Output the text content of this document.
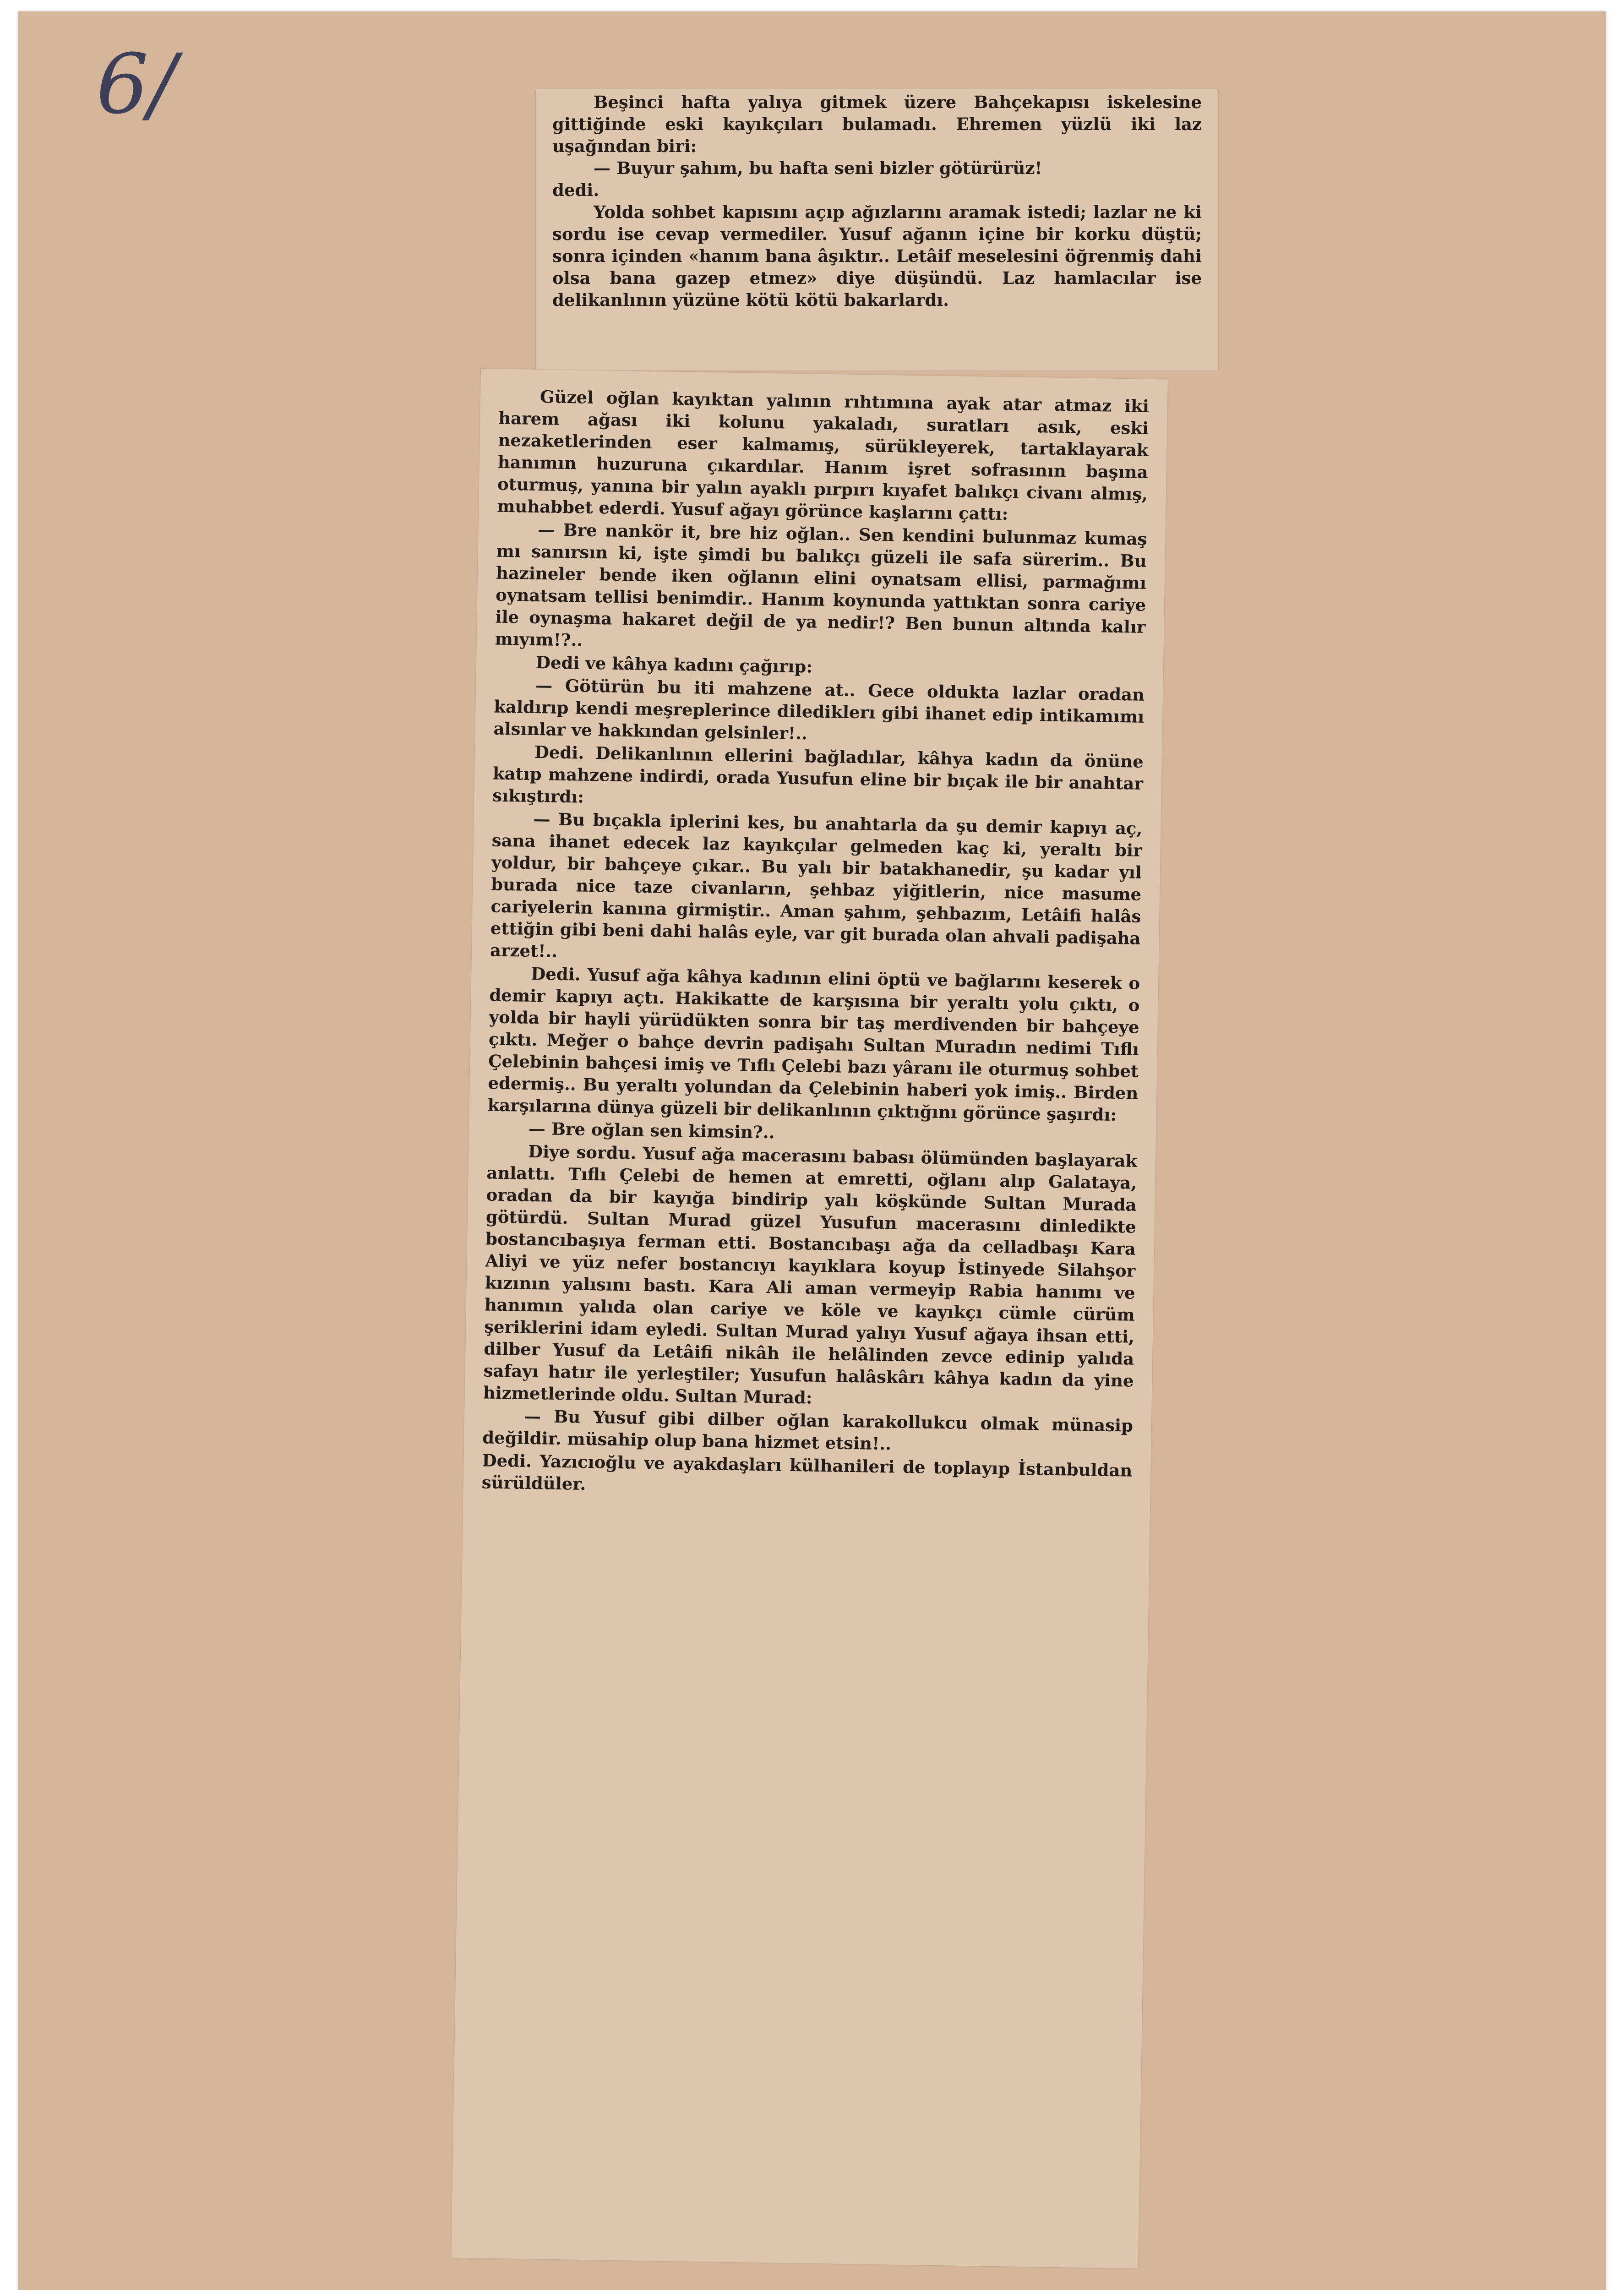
6/	Beşinci hafta yalıya gitmek üzere Bahçekapısı iskelesine gittiğinde eski kayıkçıları bulamadı. Ehremen yüzlü iki laz uşağından biri:

— Buyur şahım, bu hafta seni bizler götürürüz!

dedi.

Yolda sohbet kapısını açıp ağızlarını aramak istedi; lazlar ne ki sordu ise cevap vermediler. Yusuf ağanın içine bir korku düştü; sonra içinden «hanım bana âşıktır.. Letâif meselesini öğrenmiş dahi olsa bana gazep etmez» diye düşündü. Laz hamlacılar ise delikanlının yüzüne kötü kötü bakarlardı.

Güzel oğlan kayıktan yalının rıhtımına ayak atar atmaz iki harem ağası iki kolunu yakaladı, suratları asık, eski nezaketlerinden eser kalmamış, sürükleyerek, tartaklayarak hanımın huzuruna çıkardılar. Hanım işret sofrasının başına oturmuş, yanına bir yalın ayaklı pırpırı kıyafet balıkçı civanı almış, muhabbet ederdi. Yusuf ağayı görünce kaşlarını çattı:

— Bre nankör it, bre hiz oğlan.. Sen kendini bulunmaz kumaş mı sanırsın ki, işte şimdi bu balıkçı güzeli ile safa sürerim.. Bu hazineler bende iken oğlanın elini oynatsam ellisi, parmağımı oynatsam tellisi benimdir.. Hanım koynunda yattıktan sonra cariye ile oynaşma hakaret değil de ya nedir!? Ben bunun altında kalır mıyım!?..

Dedi ve kâhya kadını çağırıp:

— Götürün bu iti mahzene at.. Gece oldukta lazlar oradan kaldırıp kendi meşreplerince dilediklerı gibi ihanet edip intikamımı alsınlar ve hakkından gelsinler!..

Dedi. Delikanlının ellerini bağladılar, kâhya kadın da önüne katıp mahzene indirdi, orada Yusufun eline bir bıçak ile bir anahtar sıkıştırdı:

— Bu bıçakla iplerini kes, bu anahtarla da şu demir kapıyı aç, sana ihanet edecek laz kayıkçılar gelmeden kaç ki, yeraltı bir yoldur, bir bahçeye çıkar.. Bu yalı bir batakhanedir, şu kadar yıl burada nice taze civanların, şehbaz yiğitlerin, nice masume cariyelerin kanına girmiştir.. Aman şahım, şehbazım, Letâifi halâs ettiğin gibi beni dahi halâs eyle, var git burada olan ahvali padişaha arzet!..

Dedi. Yusuf ağa kâhya kadının elini öptü ve bağlarını keserek o demir kapıyı açtı. Hakikatte de karşısına bir yeraltı yolu çıktı, o yolda bir hayli yürüdükten sonra bir taş merdivenden bir bahçeye çıktı. Meğer o bahçe devrin padişahı Sultan Muradın nedimi Tıflı Çelebinin bahçesi imiş ve Tıflı Çelebi bazı yâranı ile oturmuş sohbet edermiş.. Bu yeraltı yolundan da Çelebinin haberi yok imiş.. Birden karşılarına dünya güzeli bir delikanlının çıktığını görünce şaşırdı:

— Bre oğlan sen kimsin?..

Diye sordu. Yusuf ağa macerasını babası ölümünden başlayarak anlattı. Tıflı Çelebi de hemen at emretti, oğlanı alıp Galataya, oradan da bir kayığa bindirip yalı köşkünde Sultan Murada götürdü. Sultan Murad güzel Yusufun macerasını dinledikte bostancıbaşıya ferman etti. Bostancıbaşı ağa da celladbaşı Kara Aliyi ve yüz nefer bostancıyı kayıklara koyup İstinyede Silahşor kızının yalısını bastı. Kara Ali aman vermeyip Rabia hanımı ve hanımın yalıda olan cariye ve köle ve kayıkçı cümle cürüm şeriklerini idam eyledi. Sultan Murad yalıyı Yusuf ağaya ihsan etti, dilber Yusuf da Letâifi nikâh ile helâlinden zevce edinip yalıda safayı hatır ile yerleştiler; Yusufun halâskârı kâhya kadın da yine hizmetlerinde oldu. Sultan Murad:

— Bu Yusuf gibi dilber oğlan karakollukcu olmak münasip değildir. müsahip olup bana hizmet etsin!..

Dedi. Yazıcıoğlu ve ayakdaşları külhanileri de toplayıp İstanbuldan sürüldüler.
